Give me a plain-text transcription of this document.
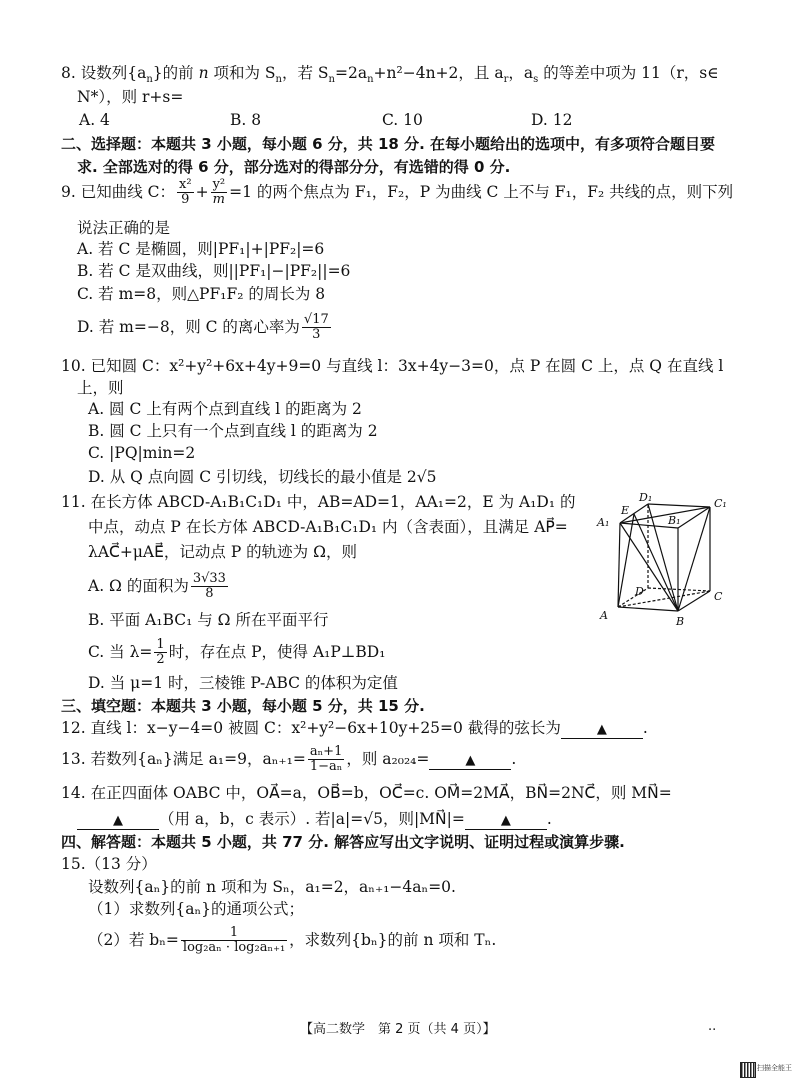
8. 设数列$\{a_n\}$的前 n 项和为 $S_n$，若 $S_n=2a_n+n^2-4n+2$，且 $a_r$，$a_s$ 的等差中项为 11（r，s∈
N*），则 r+s=
A. 4	B. 8	C. 10	D. 12
二、选择题：本题共 3 小题，每小题 6 分，共 18 分. 在每小题给出的选项中，有多项符合题目要
求. 全部选对的得 6 分，部分选对的得部分分，有选错的得 0 分.
9. 已知曲线 C： $\frac{\text{x²}}{9} + \frac{\text{y²}}{m} =1$ 的两个焦点为 F₁，F₂，P 为曲线 C 上不与 F₁，F₂ 共线的点，则下列
说法正确的是
A. 若 C 是椭圆，则|PF₁|+|PF₂|=6
B. 若 C 是双曲线，则||PF₁|−|PF₂||=6
C. 若 m=8，则△PF₁F₂ 的周长为 8
D. 若 m=−8，则 C 的离心率为 $\frac{√17}{3}$
10. 已知圆 C：x²+y²+6x+4y+9=0 与直线 l：3x+4y−3=0，点 P 在圆 C 上，点 Q 在直线 l
上，则
A. 圆 C 上有两个点到直线 l 的距离为 2
B. 圆 C 上只有一个点到直线 l 的距离为 2
C. |PQ|min=2
D. 从 Q 点向圆 C 引切线，切线长的最小值是 2√5
11. 在长方体 ABCD-A₁B₁C₁D₁ 中，AB=AD=1，AA₁=2，E 为 A₁D₁ 的
中点，动点 P 在长方体 ABCD-A₁B₁C₁D₁ 内（含表面），且满足 AP⃗=
λAC⃗+μAE⃗，记动点 P 的轨迹为 Ω，则
A. Ω 的面积为 $\frac{3√33}{8}$
B. 平面 A₁BC₁ 与 Ω 所在平面平行
C. 当 $\lambda= \frac{1}{2}$ 时，存在点 P，使得 A₁P⊥BD₁
D. 当 μ=1 时，三棱锥 P-ABC 的体积为定值
D₁	C₁
E
A₁	B₁
D	C
A	B
三、填空题：本题共 3 小题，每小题 5 分，共 15 分.
12. 直线 l：x−y−4=0 被圆 C：x²+y²−6x+10y+25=0 截得的弦长为	▲ .
13. 若数列{aₙ}满足 a₁=9，$a_{n+1}= \frac{\text{aₙ+1}}{\text{1−aₙ}}$ ，则 a₂₀₂₄=	▲ .
14. 在正四面体 OABC 中，OA⃗=a，OB⃗=b，OC⃗=c. OM⃗=2MA⃗，BN⃗=2NC⃗，则 MN⃗=
▲ （用 a，b，c 表示）. 若|a|=√5，则|MN⃗|=	▲ .
四、解答题：本题共 5 小题，共 77 分. 解答应写出文字说明、证明过程或演算步骤.
15.（13 分）
设数列{aₙ}的前 n 项和为 Sₙ，a₁=2，aₙ₊₁−4aₙ=0.
（1）求数列{aₙ}的通项公式；
（2）若 $b_n= \frac{1}{\text{log₂aₙ · log₂aₙ₊₁}}$ ，求数列{bₙ}的前 n 项和 Tₙ.
【高二数学　第 2 页（共 4 页）】	..
扫描全能王
